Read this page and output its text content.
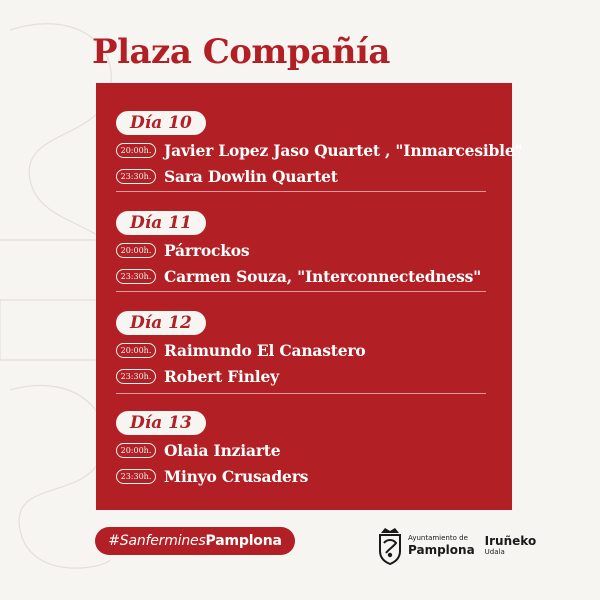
Plaza Compañía
Día 10
20:00h. Javier Lopez Jaso Quartet , "Inmarcesible"
23:30h. Sara Dowlin Quartet
Día 11
20:00h. Párrockos
23:30h. Carmen Souza, "Interconnectedness"
Día 12
20:00h. Raimundo El Canastero
23:30h. Robert Finley
Día 13
20:00h. Olaia Inziarte
23:30h. Minyo Crusaders
#SanferminesPamplona	Ayuntamiento de
Pamplona
Iruñeko
Udala
